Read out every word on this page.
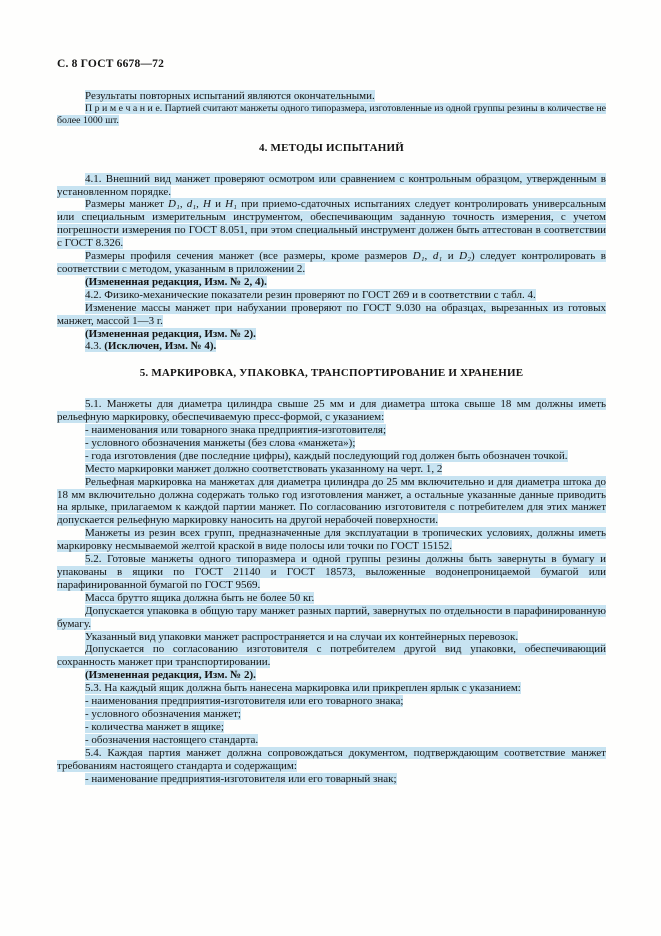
С. 8 ГОСТ 6678—72

Результаты повторных испытаний являются окончательными.

П р и м е ч а н и е. Партией считают манжеты одного типоразмера, изготовленные из одной группы резины в количестве не более 1000 шт.

4. МЕТОДЫ ИСПЫТАНИЙ

4.1. Внешний вид манжет проверяют осмотром или сравнением с контрольным образцом, утвержденным в установленном порядке.

Размеры манжет D₁, d₁, H и H₁ при приемо-сдаточных испытаниях следует контролировать универсальным или специальным измерительным инструментом, обеспечивающим заданную точность измерения, с учетом погрешности измерения по ГОСТ 8.051, при этом специальный инструмент должен быть аттестован в соответствии с ГОСТ 8.326.

Размеры профиля сечения манжет (все размеры, кроме размеров D₁, d₁ и D₂) следует контролировать в соответствии с методом, указанным в приложении 2.

(Измененная редакция, Изм. № 2, 4).

4.2. Физико-механические показатели резин проверяют по ГОСТ 269 и в соответствии с табл. 4.

Изменение массы манжет при набухании проверяют по ГОСТ 9.030 на образцах, вырезанных из готовых манжет, массой 1—3 г.

(Измененная редакция, Изм. № 2).

4.3. (Исключен, Изм. № 4).

5. МАРКИРОВКА, УПАКОВКА, ТРАНСПОРТИРОВАНИЕ И ХРАНЕНИЕ

5.1. Манжеты для диаметра цилиндра свыше 25 мм и для диаметра штока свыше 18 мм должны иметь рельефную маркировку, обеспечиваемую пресс-формой, с указанием:

- наименования или товарного знака предприятия-изготовителя;

- условного обозначения манжеты (без слова «манжета»);

- года изготовления (две последние цифры), каждый последующий год должен быть обозначен точкой.

Место маркировки манжет должно соответствовать указанному на черт. 1, 2

Рельефная маркировка на манжетах для диаметра цилиндра до 25 мм включительно и для диаметра штока до 18 мм включительно должна содержать только год изготовления манжет, а остальные указанные данные приводить на ярлыке, прилагаемом к каждой партии манжет. По согласованию изготовителя с потребителем для этих манжет допускается рельефную маркировку наносить на другой нерабочей поверхности.

Манжеты из резин всех групп, предназначенные для эксплуатации в тропических условиях, должны иметь маркировку несмываемой желтой краской в виде полосы или точки по ГОСТ 15152.

5.2. Готовые манжеты одного типоразмера и одной группы резины должны быть завернуты в бумагу и упакованы в ящики по ГОСТ 21140 и ГОСТ 18573, выложенные водонепроницаемой бумагой или парафинированной бумагой по ГОСТ 9569.

Масса брутто ящика должна быть не более 50 кг.

Допускается упаковка в общую тару манжет разных партий, завернутых по отдельности в парафинированную бумагу.

Указанный вид упаковки манжет распространяется и на случаи их контейнерных перевозок.

Допускается по согласованию изготовителя с потребителем другой вид упаковки, обеспечивающий сохранность манжет при транспортировании.

(Измененная редакция, Изм. № 2).

5.3. На каждый ящик должна быть нанесена маркировка или прикреплен ярлык с указанием:

- наименования предприятия-изготовителя или его товарного знака;

- условного обозначения манжет;

- количества манжет в ящике;

- обозначения настоящего стандарта.

5.4. Каждая партия манжет должна сопровождаться документом, подтверждающим соответствие манжет требованиям настоящего стандарта и содержащим:

- наименование предприятия-изготовителя или его товарный знак;
